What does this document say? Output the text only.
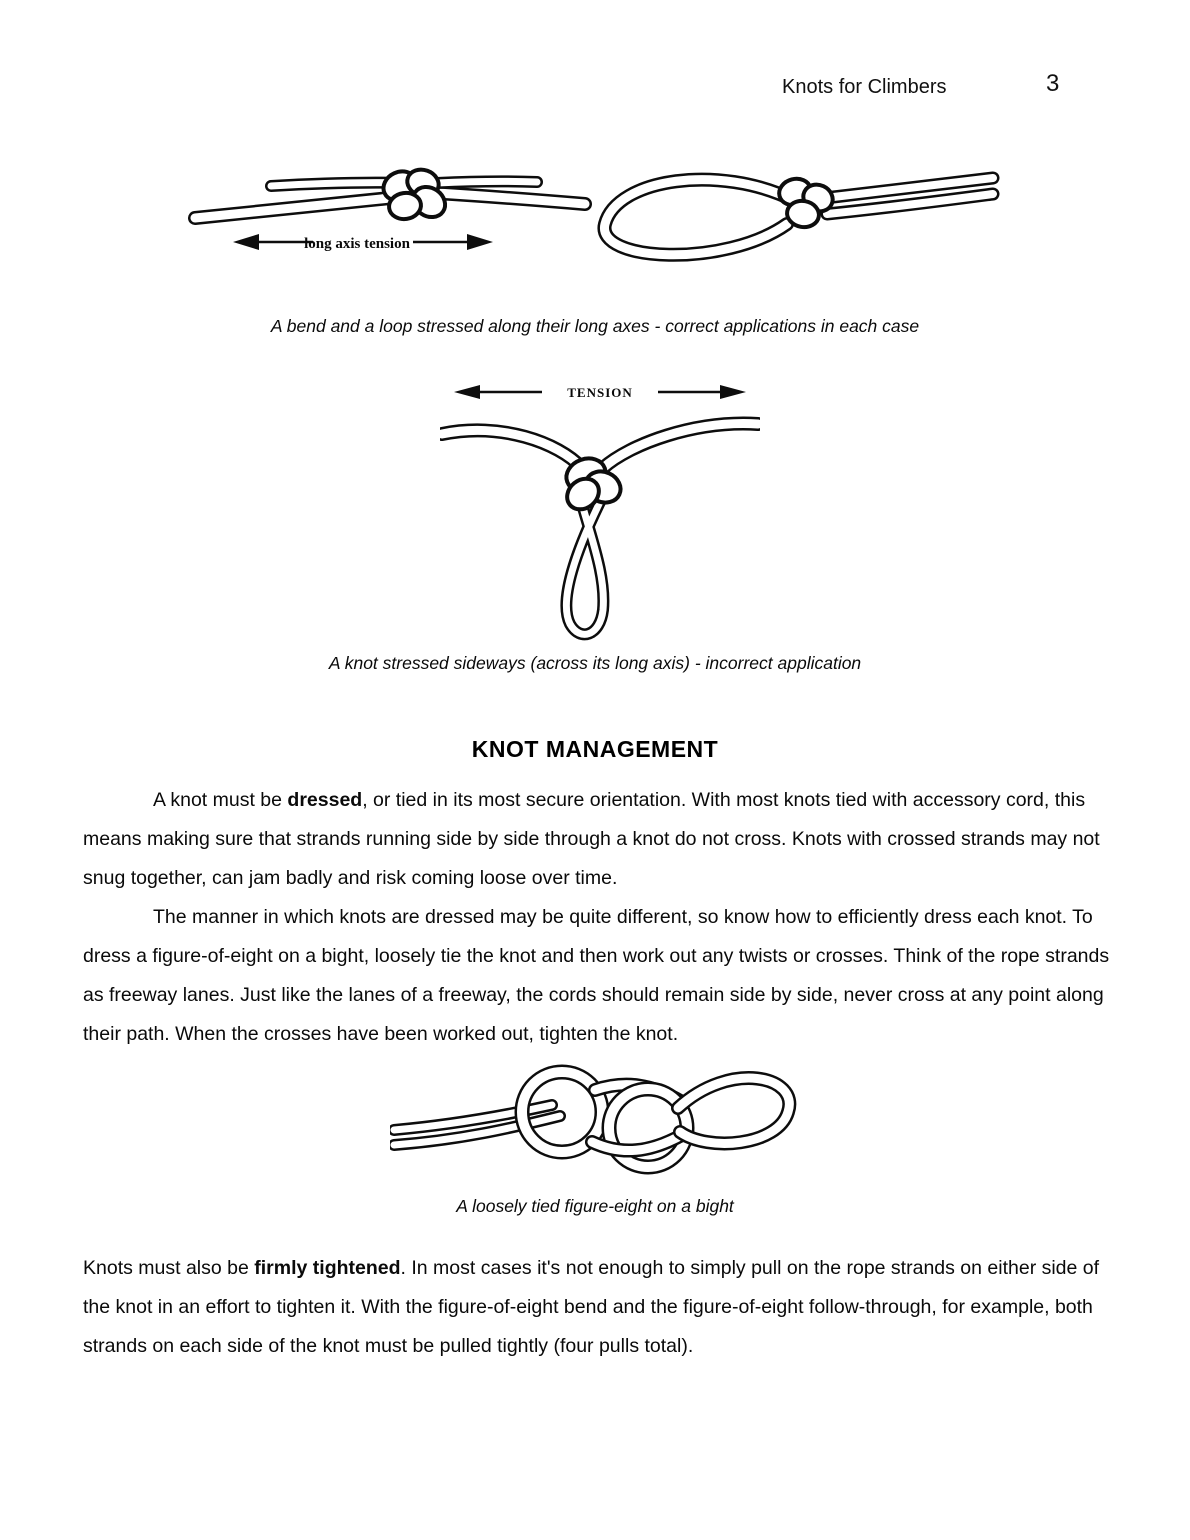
Knots for Climbers	3
long axis tension
A bend and a loop stressed along their long axes - correct applications in each case
TENSION
A knot stressed sideways (across its long axis) - incorrect application
KNOT MANAGEMENT

A knot must be dressed, or tied in its most secure orientation. With most knots tied with accessory cord, this means making sure that strands running side by side through a knot do not cross. Knots with crossed strands may not snug together, can jam badly and risk coming loose over time.

The manner in which knots are dressed may be quite different, so know how to efficiently dress each knot. To dress a figure-of-eight on a bight, loosely tie the knot and then work out any twists or crosses. Think of the rope strands as freeway lanes. Just like the lanes of a freeway, the cords should remain side by side, never cross at any point along their path. When the crosses have been worked out, tighten the knot.

A loosely tied figure-eight on a bight

Knots must also be firmly tightened. In most cases it's not enough to simply pull on the rope strands on either side of the knot in an effort to tighten it. With the figure-of-eight bend and the figure-of-eight follow-through, for example, both strands on each side of the knot must be pulled tightly (four pulls total).
